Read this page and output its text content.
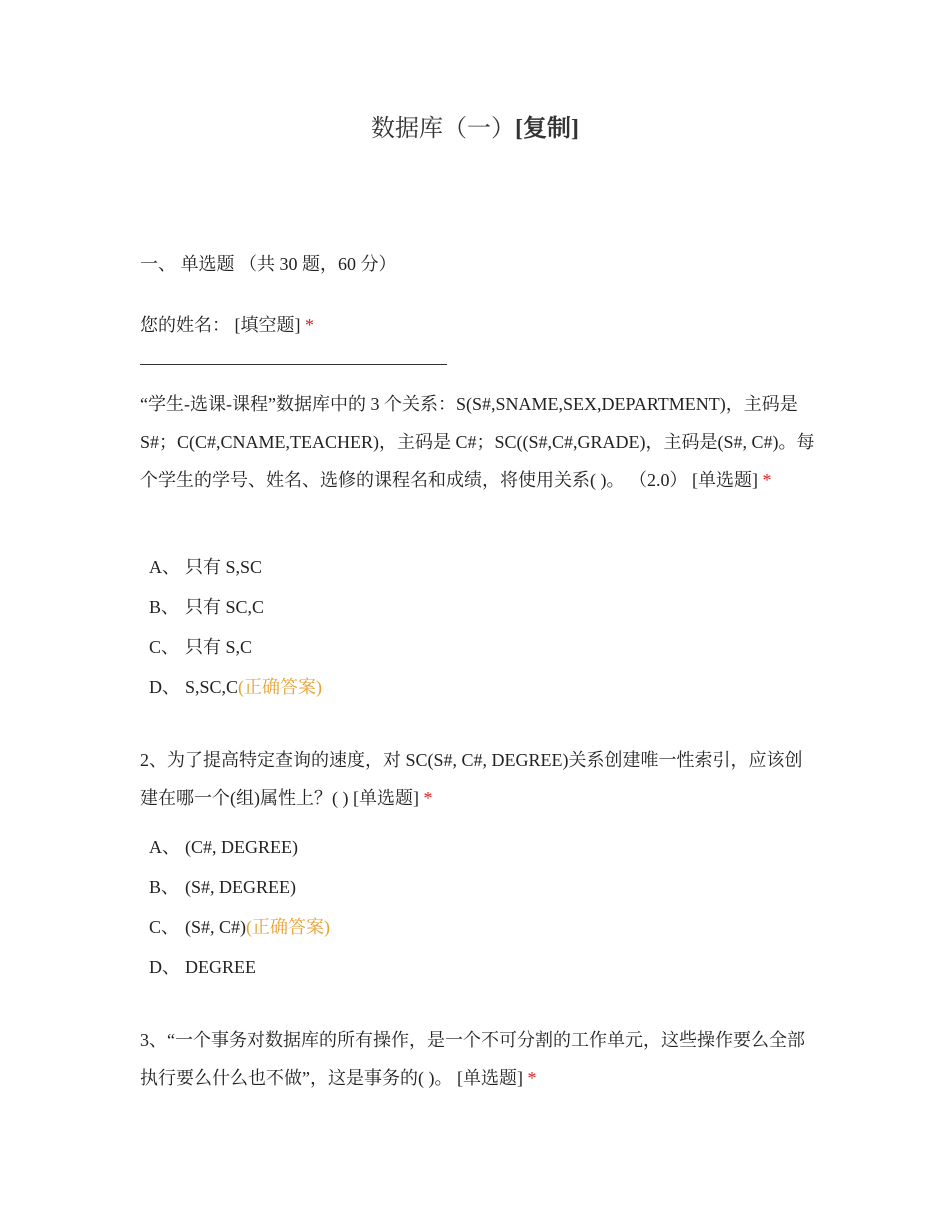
数据库（一）[复制]
一、 单选题 （共 30 题，60 分）
您的姓名： [填空题] *
“学生-选课-课程”数据库中的 3 个关系：S(S#,SNAME,SEX,DEPARTMENT)，主码是 S#；C(C#,CNAME,TEACHER)，主码是 C#；SC((S#,C#,GRADE)，主码是(S#, C#)。每个学生的学号、姓名、选修的课程名和成绩，将使用关系( )。 （2.0） [单选题] *
A、 只有 S,SC
B、 只有 SC,C
C、 只有 S,C
D、 S,SC,C(正确答案)
2、为了提高特定查询的速度，对 SC(S#, C#, DEGREE)关系创建唯一性索引，应该创建在哪一个(组)属性上？( ) [单选题] *
A、 (C#, DEGREE)
B、 (S#, DEGREE)
C、 (S#, C#)(正确答案)
D、 DEGREE
3、“一个事务对数据库的所有操作，是一个不可分割的工作单元，这些操作要么全部执行要么什么也不做”，这是事务的( )。 [单选题] *
